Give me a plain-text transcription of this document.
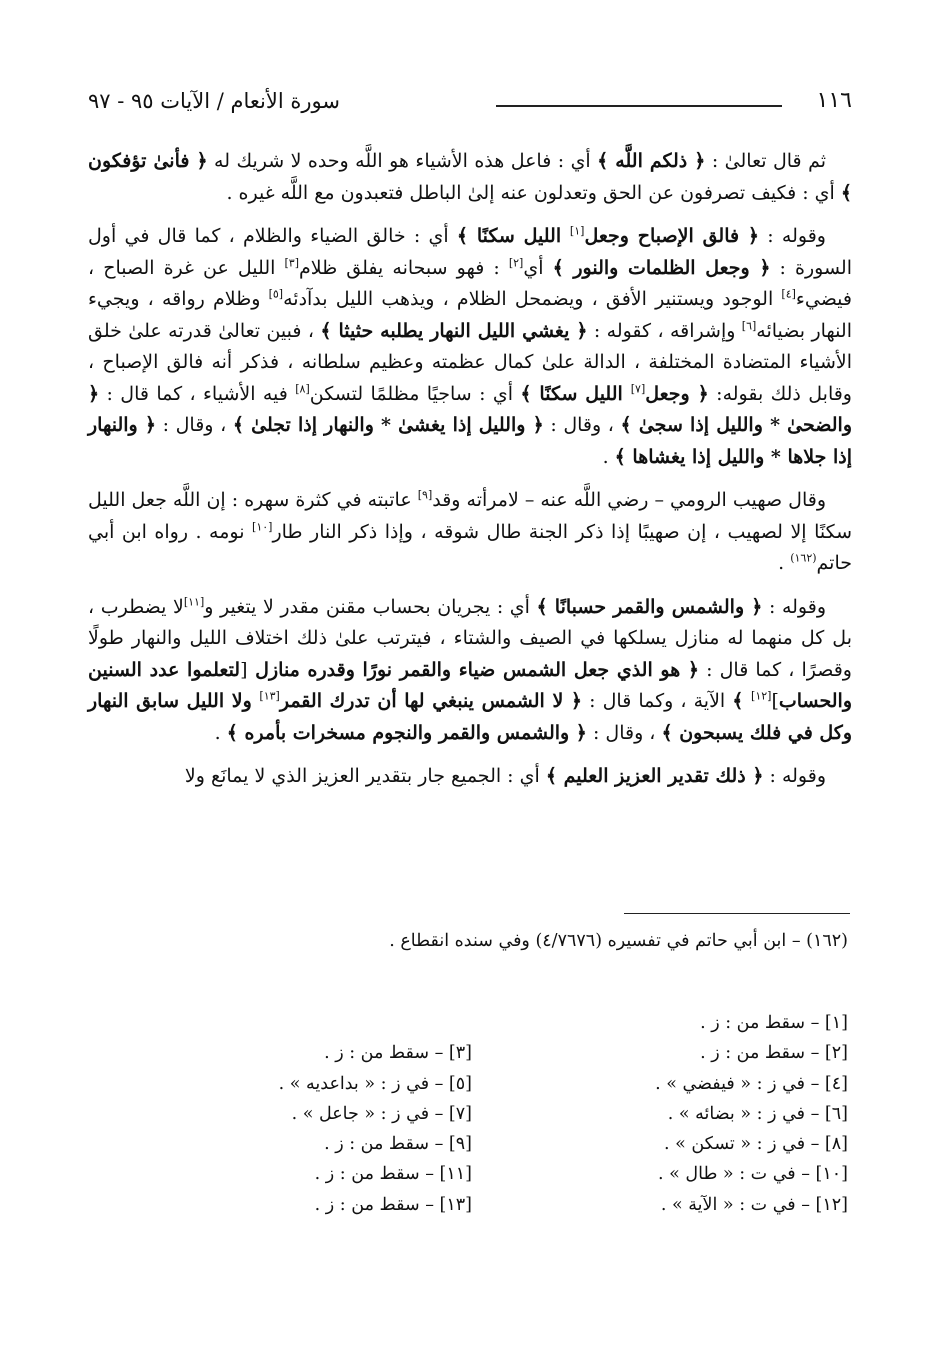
١١٦
سورة الأنعام / الآيات ٩٥ - ٩٧

ثم قال تعالىٰ : ﴿ ذلكم اللَّه ﴾ أي : فاعل هذه الأشياء هو اللَّه وحده لا شريك له ﴿ فأنىٰ تؤفكون ﴾ أي : فكيف تصرفون عن الحق وتعدلون عنه إلىٰ الباطل فتعبدون مع اللَّه غيره .

وقوله : ﴿ فالق الإصباح وجعل[١] الليل سكنًا ﴾ أي : خالق الضياء والظلام ، كما قال في أول السورة : ﴿ وجعل الظلمات والنور ﴾ أي[٢] : فهو سبحانه يفلق ظلام[٣] الليل عن غرة الصباح ، فيضيء[٤] الوجود ويستنير الأفق ، ويضمحل الظلام ، ويذهب الليل بدآدئه[٥] وظلام رواقه ، ويجيء النهار بضيائه[٦] وإشراقه ، كقوله : ﴿ يغشي الليل النهار يطلبه حثيثا ﴾ ، فبين تعالىٰ قدرته علىٰ خلق الأشياء المتضادة المختلفة ، الدالة علىٰ كمال عظمته وعظيم سلطانه ، فذكر أنه فالق الإصباح ، وقابل ذلك بقوله: ﴿ وجعل[٧] الليل سكنًا ﴾ أي : ساجيًا مظلمًا لتسكن[٨] فيه الأشياء ، كما قال : ﴿ والضحىٰ * والليل إذا سجىٰ ﴾ ، وقال : ﴿ والليل إذا يغشىٰ * والنهار إذا تجلىٰ ﴾ ، وقال : ﴿ والنهار إذا جلاها * والليل إذا يغشاها ﴾ .

وقال صهيب الرومي – رضي اللَّه عنه – لامرأته وقد[٩] عاتبته في كثرة سهره : إن اللَّه جعل الليل سكنًا إلا لصهيب ، إن صهيبًا إذا ذكر الجنة طال شوقه ، وإذا ذكر النار طار[١٠] نومه . رواه ابن أبي حاتم$^{(١٦٢)}$ .

وقوله : ﴿ والشمس والقمر حسبانًا ﴾ أي : يجريان بحساب مقنن مقدر لا يتغير و[١١]لا يضطرب ، بل كل منهما له منازل يسلكها في الصيف والشتاء ، فيترتب علىٰ ذلك اختلاف الليل والنهار طولًا وقصرًا ، كما قال : ﴿ هو الذي جعل الشمس ضياء والقمر نورًا وقدره منازل [لتعلموا عدد السنين والحساب][١٢] ﴾ الآية ، وكما قال : ﴿ لا الشمس ينبغي لها أن تدرك القمر[١٣] ولا الليل سابق النهار وكل في فلك يسبحون ﴾ ، وقال : ﴿ والشمس والقمر والنجوم مسخرات بأمره ﴾ .

وقوله : ﴿ ذلك تقدير العزيز العليم ﴾ أي : الجميع جار بتقدير العزيز الذي لا يمانَع ولا

(١٦٢) – ابن أبي حاتم في تفسيره (٤/٧٦٧٦) وفي سنده انقطاع .

[١] – سقط من : ز .
[٢] – سقط من : ز .
[٤] – في ز : « فيفضي » .
[٦] – في ز : « بضائه » .
[٨] – في ز : « تسكن » .
[١٠] – في ت : « طال » .
[١٢] – في ت : « الآية » .
[٣] – سقط من : ز .
[٥] – في ز : « بداعديه » .
[٧] – في ز : « جاعل » .
[٩] – سقط من : ز .
[١١] – سقط من : ز .
[١٣] – سقط من : ز .
